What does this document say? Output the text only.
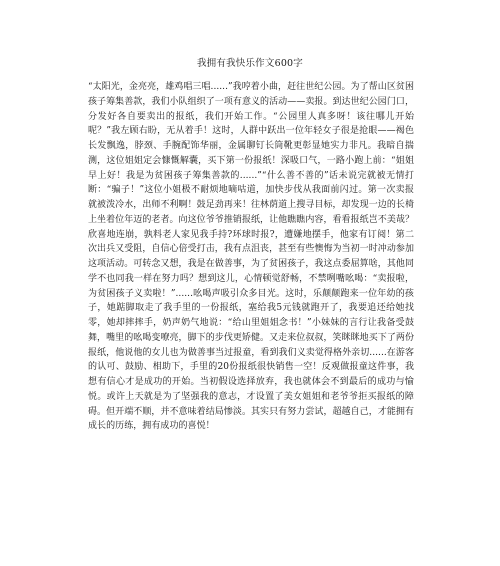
我拥有我快乐作文600字

“太阳光，金亮亮，雄鸡唱三唱......”我哼着小曲，赶往世纪公园。为了帮山区贫困孩子筹集善款，我们小队组织了一项有意义的活动——卖报。到达世纪公园门口，分发好各自要卖出的报纸，我们开始工作。“公园里人真多呀！该往哪儿开始呢？”我左顾右盼，无从着手！这时，人群中跃出一位年轻女子很是抢眼——褐色长发飘逸，脖颈、手腕配饰华丽，金属聊钉长筒靴更彰显她实力非凡。我暗自揣测，这位姐姐定会慷慨解囊，买下第一份报纸！深吸口气，一路小跑上前：“姐姐早上好！我是为贫困孩子筹集善款的......”“什么善不善的”话未说完就被无情打断：“骗子！”这位小姐极不耐烦地嘀咕道，加快步伐从我面前闪过。第一次卖报就被泼冷水，出师不利啊！鼓足劲再来！往林荫道上搜寻目标，却发现一边的长椅上坐着位年迈的老者。向这位爷爷推销报纸，让他瞧瞧内容，看看报纸岂不美哉？欣喜地连崩，孰料老人家见我手持?环球时报?，遭嫌地摆手，他家有订阅！第二次出兵又受阻，自信心倍受打击，我有点沮丧，甚至有些懊悔为当初一时冲动参加这项活动。可转念又想，我是在做善事，为了贫困孩子，我这点委屈算啥，其他同学不也同我一样在努力吗？想到这儿，心情顿觉舒畅，不禁咧嘴吆喝：“卖报啦，为贫困孩子义卖啦！”......吆喝声吸引众多目光。这时，乐颠颠跑来一位年幼的孩子，她踮脚取走了我手里的一份报纸，塞给我5元钱就跑开了，我要追还给她找零，她却摔摔手，奶声奶气地说：“给山里姐姐念书！”小妹妹的言行让我备受鼓舞，嘴里的吆喝变嘹亮，脚下的步伐更矫健。又走来位叔叔，笑眯眯地买下了两份报纸，他说他的女儿也为做善事当过报童，看到我们义卖觉得格外亲切......在游客的认可、鼓励、相助下，手里的20份报纸很快销售一空！反观做报童这件事，我想有信心才是成功的开始。当初假设选择放弃，我也就体会不到最后的成功与愉悦。或许上天就是为了坚强我的意志，才设置了美女姐姐和老爷爷拒买报纸的障碍。但开端不顺，并不意味着结局惨淡。其实只有努力尝试，超越自己，才能拥有成长的历练，拥有成功的喜悦！
